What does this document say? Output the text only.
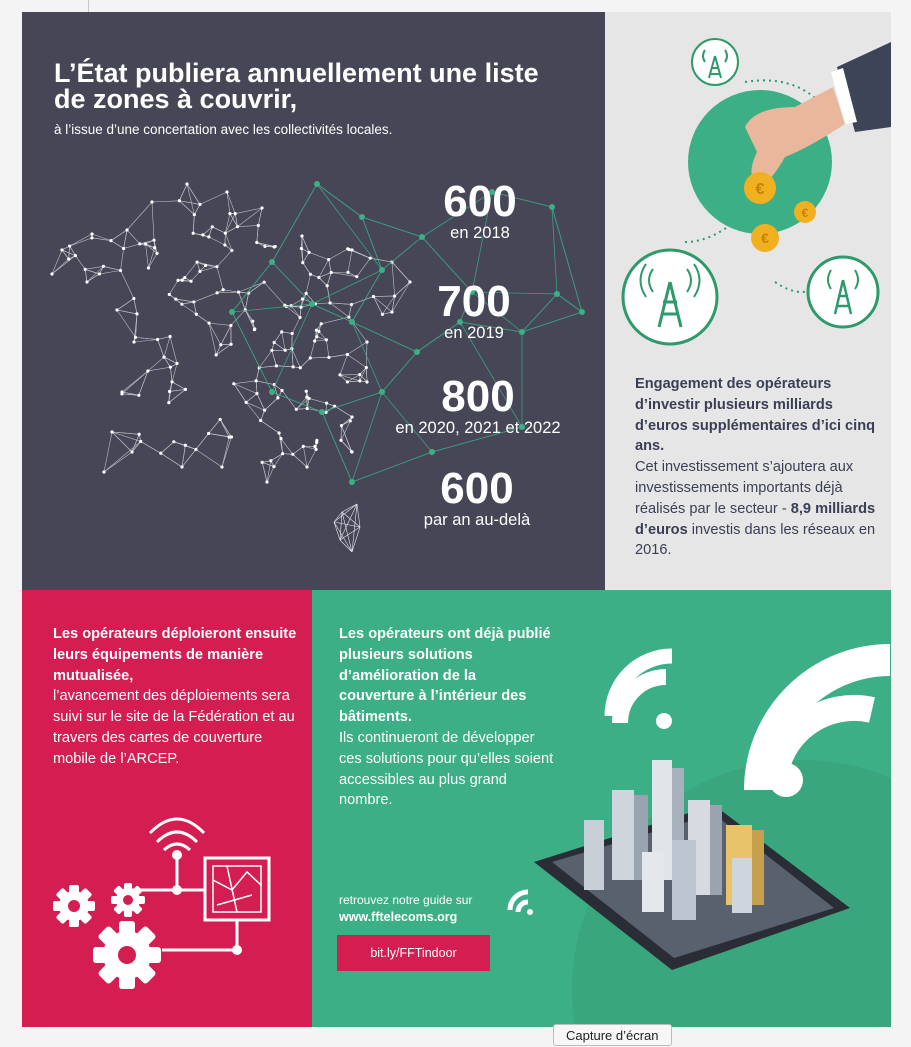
L’État publiera annuellement une liste de zones à couvrir,
à l’issue d’une concertation avec les collectivités locales.
600
en 2018
700
en 2019
800
en 2020, 2021 et 2022
600
par an au-delà
€
€
€
Engagement des opérateurs d’investir plusieurs milliards d’euros supplémentaires d’ici cinq ans.
Cet investissement s’ajoutera aux investissements importants déjà réalisés par le secteur - 8,9 milliards d’euros investis dans les réseaux en 2016.
Les opérateurs déploieront ensuite leurs équipements de manière mutualisée,
l’avancement des déploiements sera suivi sur le site de la Fédération et au travers des cartes de couverture mobile de l’ARCEP.
Les opérateurs ont déjà publié plusieurs solutions d’amélioration de la couverture à l’intérieur des bâtiments.
Ils continueront de développer ces solutions pour qu’elles soient accessibles au plus grand nombre.
retrouvez notre guide sur
www.fftelecoms.org
bit.ly/FFTindoor
Capture d’écran
